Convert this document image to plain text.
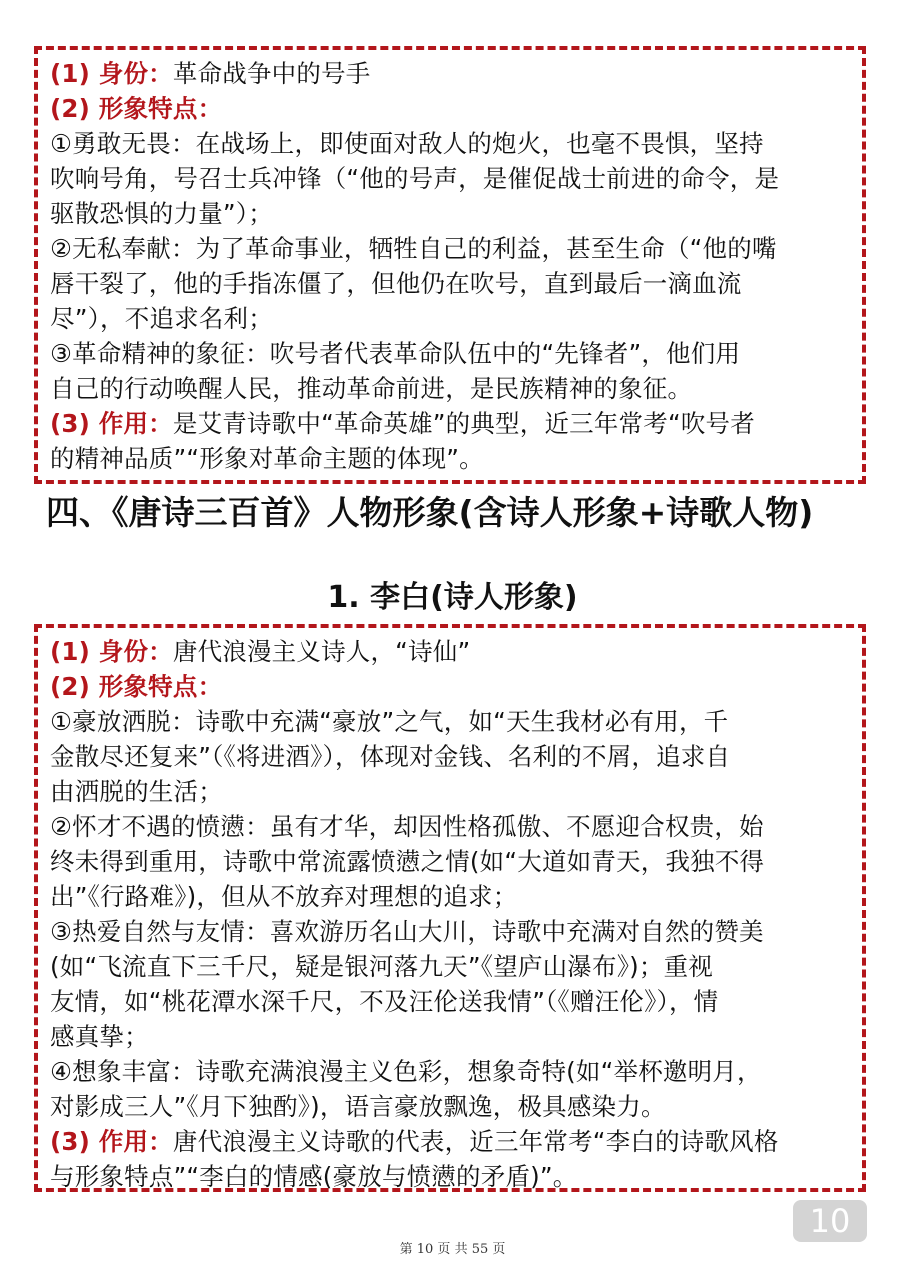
(1) 身份：革命战争中的号手
(2) 形象特点：
①勇敢无畏：在战场上，即使面对敌人的炮火，也毫不畏惧，坚持
吹响号角，号召士兵冲锋（“他的号声，是催促战士前进的命令，是
驱散恐惧的力量”）；
②无私奉献：为了革命事业，牺牲自己的利益，甚至生命（“他的嘴
唇干裂了，他的手指冻僵了，但他仍在吹号，直到最后一滴血流
尽”），不追求名利；
③革命精神的象征：吹号者代表革命队伍中的“先锋者”，他们用
自己的行动唤醒人民，推动革命前进，是民族精神的象征。
(3) 作用：是艾青诗歌中“革命英雄”的典型，近三年常考“吹号者
的精神品质”“形象对革命主题的体现”。
四、《唐诗三百首》人物形象(含诗人形象+诗歌人物)
1. 李白(诗人形象)
(1) 身份：唐代浪漫主义诗人，“诗仙”
(2) 形象特点：
①豪放洒脱：诗歌中充满“豪放”之气，如“天生我材必有用，千
金散尽还复来”（《将进酒》），体现对金钱、名利的不屑，追求自
由洒脱的生活；
②怀才不遇的愤懑：虽有才华，却因性格孤傲、不愿迎合权贵，始
终未得到重用，诗歌中常流露愤懑之情(如“大道如青天，我独不得
出”《行路难》)，但从不放弃对理想的追求；
③热爱自然与友情：喜欢游历名山大川，诗歌中充满对自然的赞美
(如“飞流直下三千尺，疑是银河落九天”《望庐山瀑布》)；重视
友情，如“桃花潭水深千尺，不及汪伦送我情”（《赠汪伦》），情
感真挚；
④想象丰富：诗歌充满浪漫主义色彩，想象奇特(如“举杯邀明月，
对影成三人”《月下独酌》)，语言豪放飘逸，极具感染力。
(3) 作用：唐代浪漫主义诗歌的代表，近三年常考“李白的诗歌风格
与形象特点”“李白的情感(豪放与愤懑的矛盾)”。
10
第 10 页 共 55 页
